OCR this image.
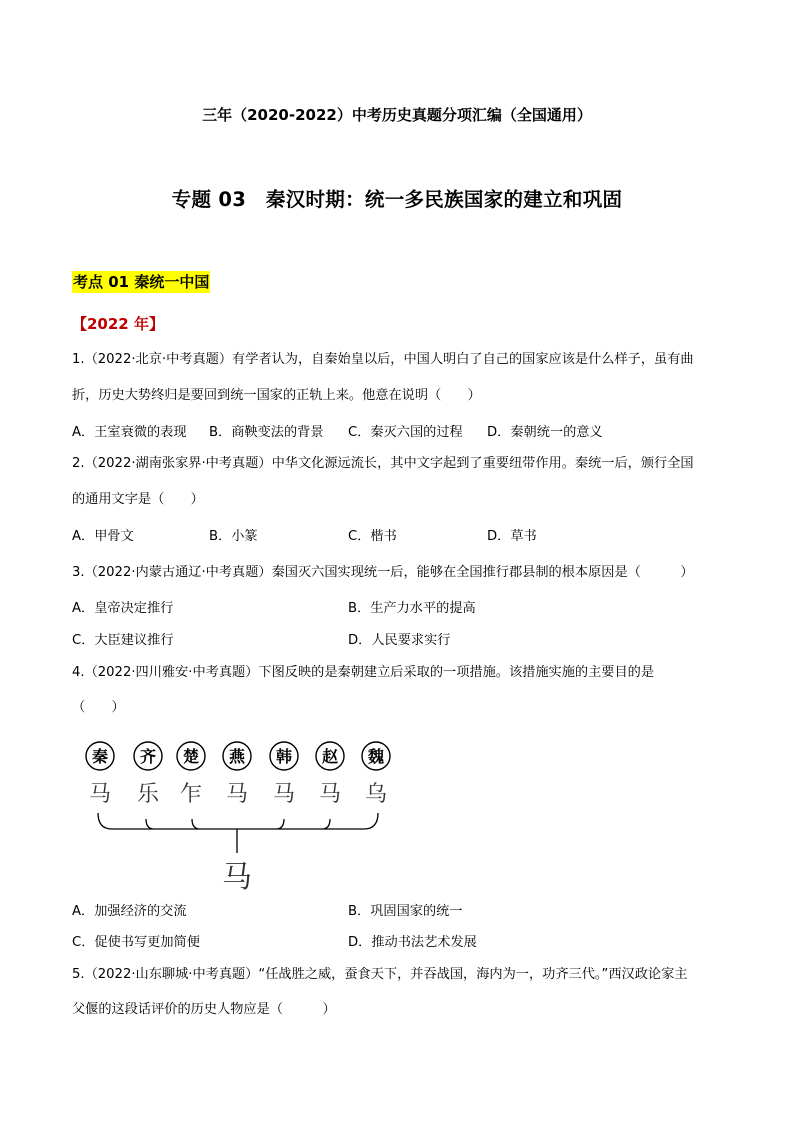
三年（2020-2022）中考历史真题分项汇编（全国通用）
专题 03　秦汉时期：统一多民族国家的建立和巩固
考点 01 秦统一中国
【2022 年】
1.（2022·北京·中考真题）有学者认为，自秦始皇以后，中国人明白了自己的国家应该是什么样子，虽有曲
折，历史大势终归是要回到统一国家的正轨上来。他意在说明（　　）
A．王室衰微的表现 B．商鞅变法的背景 C．秦灭六国的过程 D．秦朝统一的意义
2.（2022·湖南张家界·中考真题）中华文化源远流长，其中文字起到了重要纽带作用。秦统一后，颁行全国
的通用文字是（　　）
A．甲骨文	B．小篆	C．楷书	D．草书
3.（2022·内蒙古通辽·中考真题）秦国灭六国实现统一后，能够在全国推行郡县制的根本原因是（　　　）
A．皇帝决定推行	B．生产力水平的提高
C．大臣建议推行	D．人民要求实行
4.（2022·四川雅安·中考真题）下图反映的是秦朝建立后采取的一项措施。该措施实施的主要目的是
（　　）
秦 齐 楚 燕 韩 赵 魏
马 乐 乍 马 马 马 乌
马
A．加强经济的交流	B．巩固国家的统一
C．促使书写更加简便	D．推动书法艺术发展
5.（2022·山东聊城·中考真题）“任战胜之威，蚕食天下，并吞战国，海内为一，功齐三代。”西汉政论家主
父偃的这段话评价的历史人物应是（　　　）
